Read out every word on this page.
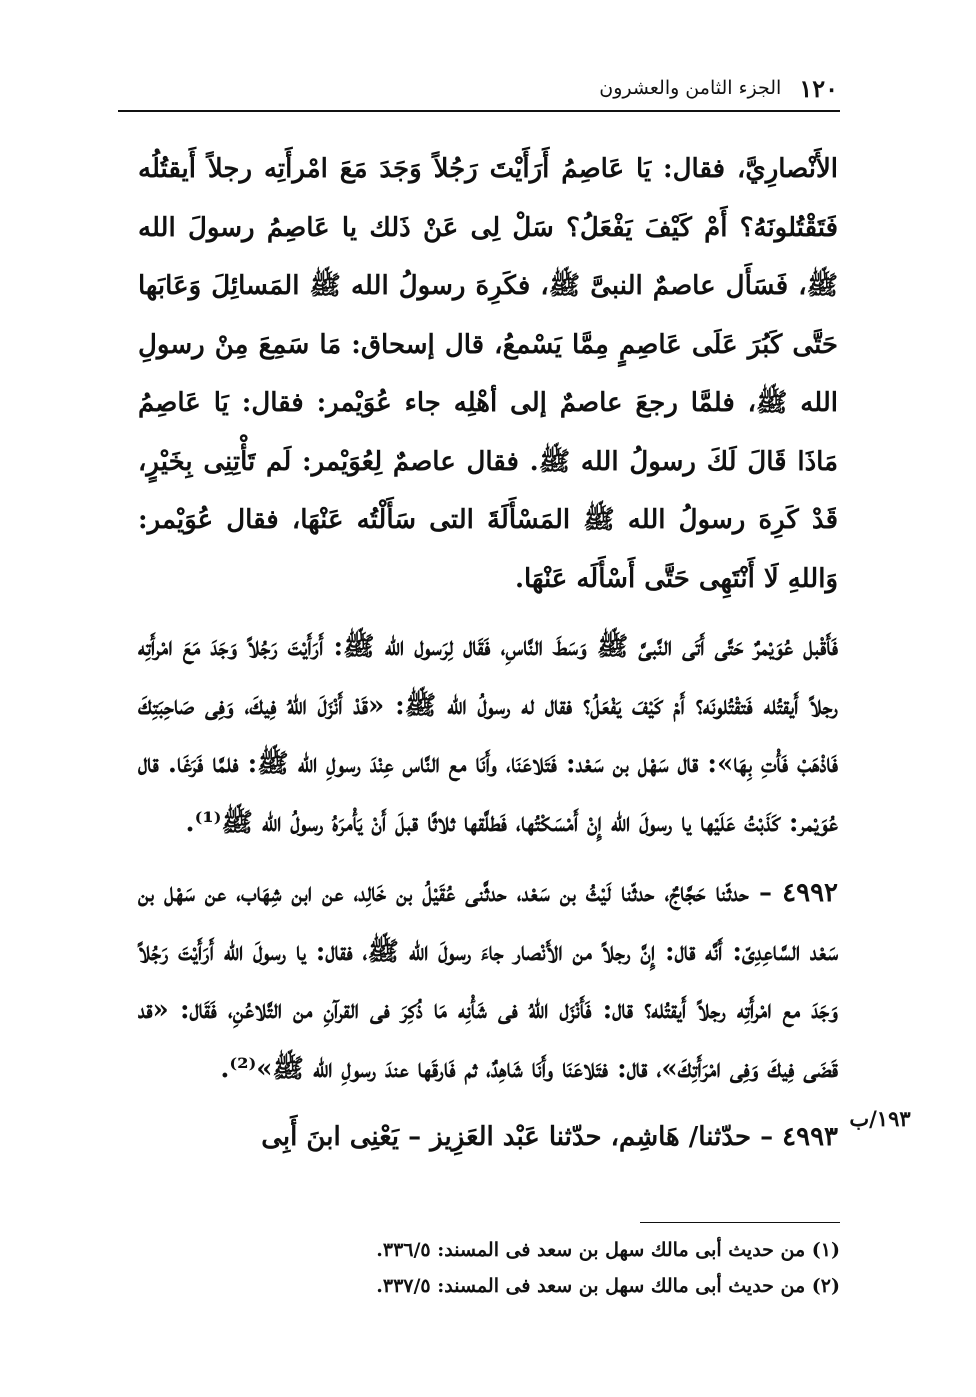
١٢٠
الجزء الثامن والعشرون

الأَنْصارِيَّ، فقال: يَا عَاصِمُ أَرَأَيْتَ رَجُلاً وَجَدَ مَعَ امْرأَتِه رجلاً أَيقتُلُه فَتَقْتُلونَهُ؟ أَمْ كَيْفَ يَفْعَلُ؟ سَلْ لِى عَنْ ذَلك يا عَاصِمُ رسولَ الله ﷺ، فَسَأَل عاصمٌ النبىَّ ﷺ، فكَرِهَ رسولُ الله ﷺ المَسائِلَ وَعَابَها حَتَّى كَبُرَ عَلَى عَاصِمٍ مِمَّا يَسْمعُ، قال إسحاق: مَا سَمِعَ مِنْ رسولِ الله ﷺ، فلمَّا رجعَ عاصمٌ إلى أهْلِه جاء عُوَيْمر: فقال: يَا عَاصِمُ مَاذَا قَالَ لَكَ رسولُ الله ﷺ. فقال عاصمٌ لِعُوَيْمر: لَم تَأْتِنِى بِخَيْرٍ، قَدْ كَرِهَ رسولُ الله ﷺ المَسْأَلَةَ التى سَأَلْتُه عَنْهَا، فقال عُوَيْمر: وَاللهِ لَا أَنْتَهِى حَتَّى أَسْأَلَه عَنْهَا.

فَأَقْبل عُوَيْمرٌ حَتَّى أَتَى النَّبىَّ ﷺ وَسَطَ النَّاسِ، فَقَال لِرَسول الله ﷺ: أَرَأَيْتَ رَجُلاً وَجَدَ مَعَ امْرأَتِه رجلاً أَيقتُله فَتقْتُلونَه؟ أَمْ كَيْفَ يَفْعَلُ؟ فقال له رسولُ الله ﷺ: «قَدْ أَنْزَلَ اللهُ فِيكَ، وَفِى صَاحِبَتِكَ فَاذْهَبْ فَأْتِ بِهَا»: قال سَهْل بن سَعْد: فَتَلاعَنَا، وأَنَا مع النَّاس عِنْدَ رسولِ الله ﷺ: فلمَّا فَرَغَا. قال عُوَيْمر: كَذَبْتُ عَلَيْها يا رسولَ الله إِنْ أَمْسَكْتُها، فَطلَّقها ثلاثًا قبلَ أَنْ يَأْمرَهُ رسولُ الله ﷺ⁽¹⁾.

٤٩٩٢ – حدثّنا حَجَّاجٌ، حدثّنا لَيْثُ بن سَعْد، حدثَّنى عُقَيْلُ بن خَالِد، عن ابن شِهَاب، عن سَهْل بن سَعْد السَّاعِدِىّ: أَنَّه قال: إِنَّ رجلاً من الأَنْصار جاءَ رسولَ الله ﷺ، فقال: يا رسولَ الله أَرَأَيْتَ رَجُلاً وَجَدَ مع امْرأَتِه رجلاً أَيقتُله؟ قال: فَأَنْزَل اللهُ فى شَأْنِه مَا ذُكِرَ فى القرآنِ من التَّلاعُنِ، فَقَال: «قد قَضَى فِيكَ وَفِى امْرَأَتِكَ»، قال: فتَلاعَنَا وأَنَا شَاهِدٌ، ثم فَارقَها عندَ رسولِ الله ﷺ»⁽²⁾.

٤٩٩٣ – حدّثنا/ هَاشِم، حدّثنا عَبْد العَزِيز – يَعْنِى ابنَ أَبِى

١٩٣/ب

(١) من حديث أبى مالك سهل بن سعد فى المسند: ٣٣٦/٥.

(٢) من حديث أبى مالك سهل بن سعد فى المسند: ٣٣٧/٥.
